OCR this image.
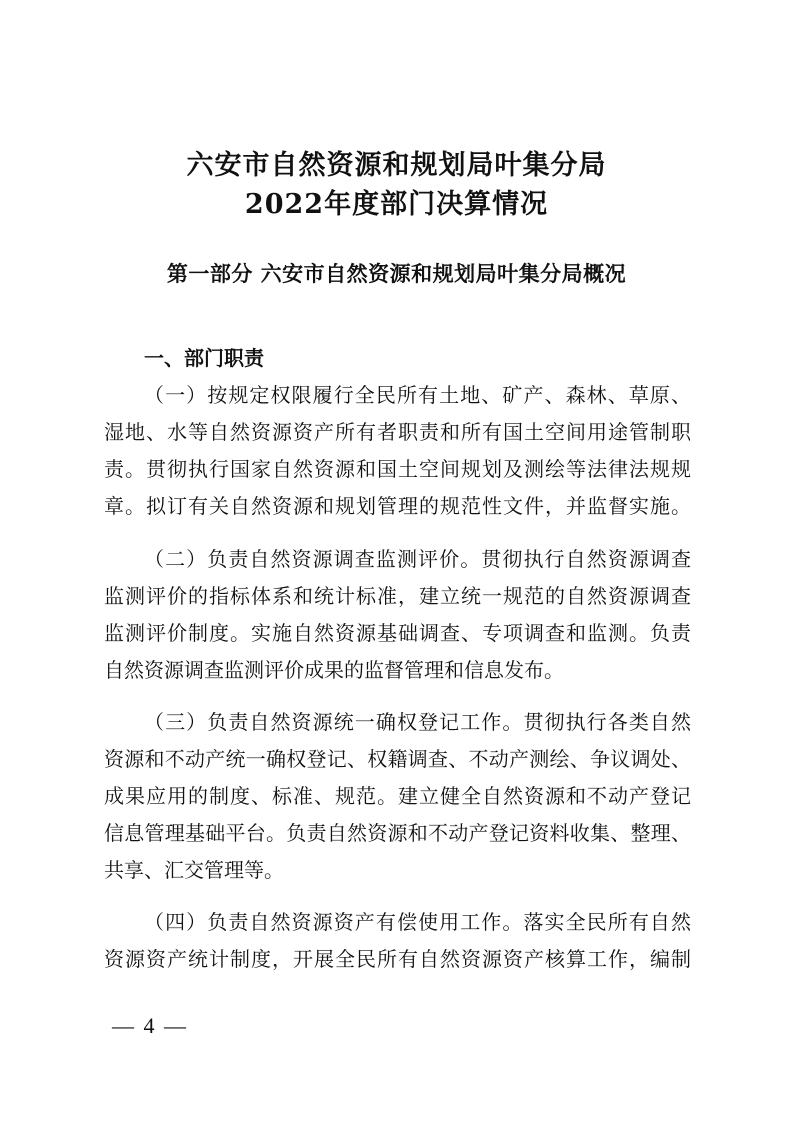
六安市自然资源和规划局叶集分局
2022年度部门决算情况
第一部分 六安市自然资源和规划局叶集分局概况
一、部门职责

（一）按规定权限履行全民所有土地、矿产、森林、草原、

湿地、水等自然资源资产所有者职责和所有国土空间用途管制职

责。贯彻执行国家自然资源和国土空间规划及测绘等法律法规规

章。拟订有关自然资源和规划管理的规范性文件，并监督实施。

（二）负责自然资源调查监测评价。贯彻执行自然资源调查

监测评价的指标体系和统计标准，建立统一规范的自然资源调查

监测评价制度。实施自然资源基础调查、专项调查和监测。负责

自然资源调查监测评价成果的监督管理和信息发布。

（三）负责自然资源统一确权登记工作。贯彻执行各类自然

资源和不动产统一确权登记、权籍调查、不动产测绘、争议调处、

成果应用的制度、标准、规范。建立健全自然资源和不动产登记

信息管理基础平台。负责自然资源和不动产登记资料收集、整理、

共享、汇交管理等。

（四）负责自然资源资产有偿使用工作。落实全民所有自然

资源资产统计制度，开展全民所有自然资源资产核算工作，编制

— 4 —
